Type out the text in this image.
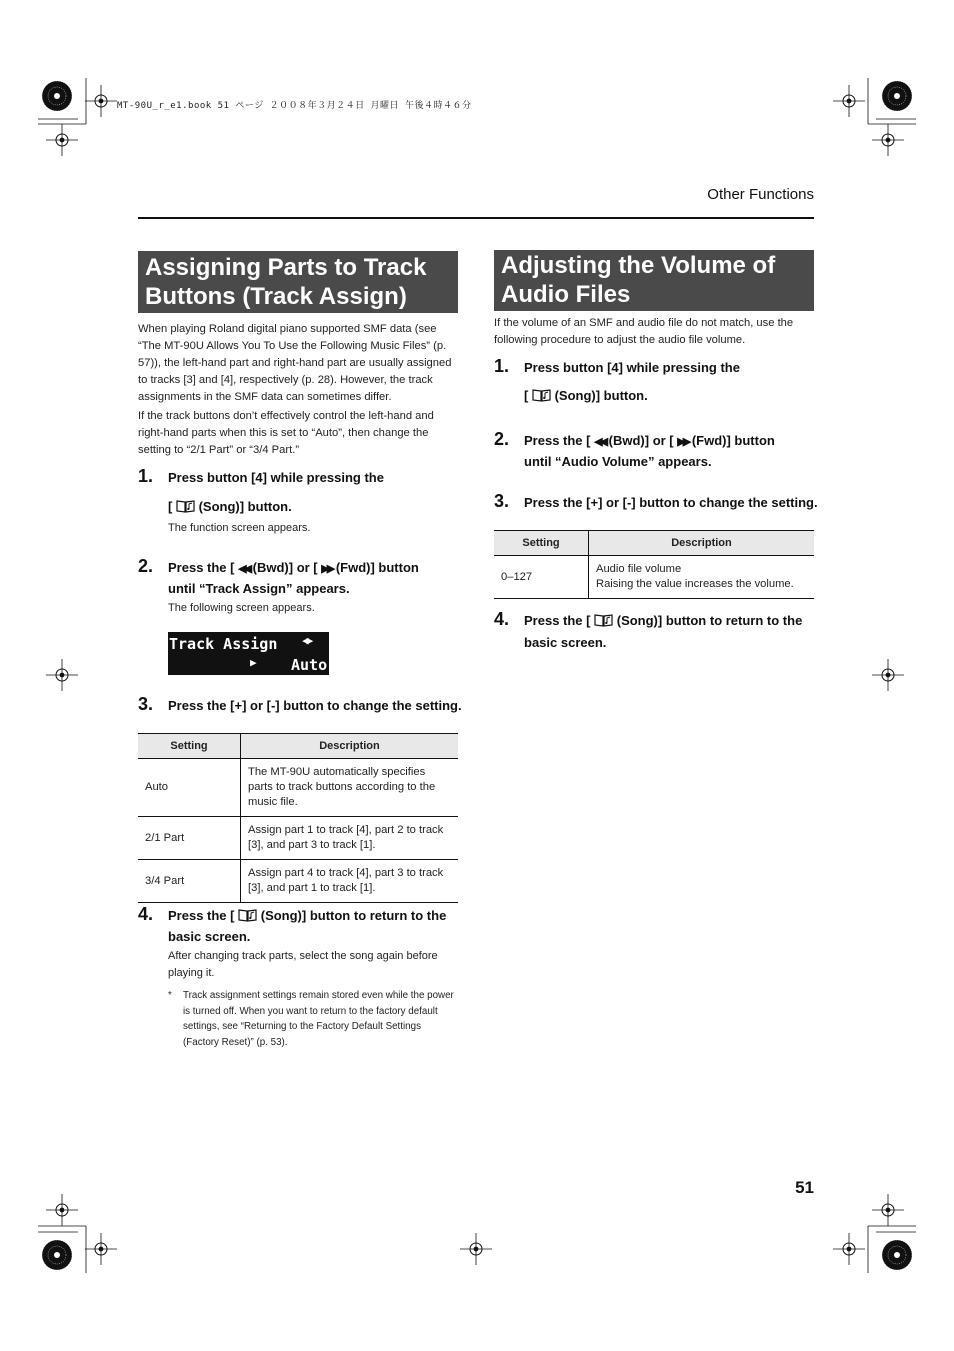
MT-90U_r_e1.book 51 ページ ２００８年３月２４日 月曜日 午後４時４６分
Other Functions
Assigning Parts to Track
Buttons (Track Assign)
When playing Roland digital piano supported SMF data (see “The MT-90U Allows You To Use the Following Music Files” (p. 57)), the left-hand part and right-hand part are usually assigned to tracks [3] and [4], respectively (p. 28). However, the track assignments in the SMF data can sometimes differ.
If the track buttons don’t effectively control the left-hand and right-hand parts when this is set to “Auto”, then change the setting to “2/1 Part” or “3/4 Part.”
1. Press button [4] while pressing the
[ (Song)] button.
The function screen appears.
2. Press the [ ◀◀ (Bwd)] or [ ▶▶ (Fwd)] button
until “Track Assign” appears.
The following screen appears.
Track Assign ◀▶
▶ Auto
3. Press the [+] or [-] button to change the setting.
Setting	Description
Auto	The MT-90U automatically specifies parts to track buttons according to the music file.
2/1 Part	Assign part 1 to track [4], part 2 to track [3], and part 3 to track [1].
3/4 Part	Assign part 4 to track [4], part 3 to track [3], and part 1 to track [1].
4. Press the [ (Song)] button to return to the
basic screen.
After changing track parts, select the song again before playing it.
* Track assignment settings remain stored even while the power is turned off. When you want to return to the factory default settings, see “Returning to the Factory Default Settings (Factory Reset)” (p. 53).
Adjusting the Volume of
Audio Files
If the volume of an SMF and audio file do not match, use the following procedure to adjust the audio file volume.
1. Press button [4] while pressing the
[ (Song)] button.
2. Press the [ ◀◀ (Bwd)] or [ ▶▶ (Fwd)] button
until “Audio Volume” appears.
3. Press the [+] or [-] button to change the setting.
Setting	Description
0–127	Audio file volume
Raising the value increases the volume.
4. Press the [ (Song)] button to return to the
basic screen.
51
